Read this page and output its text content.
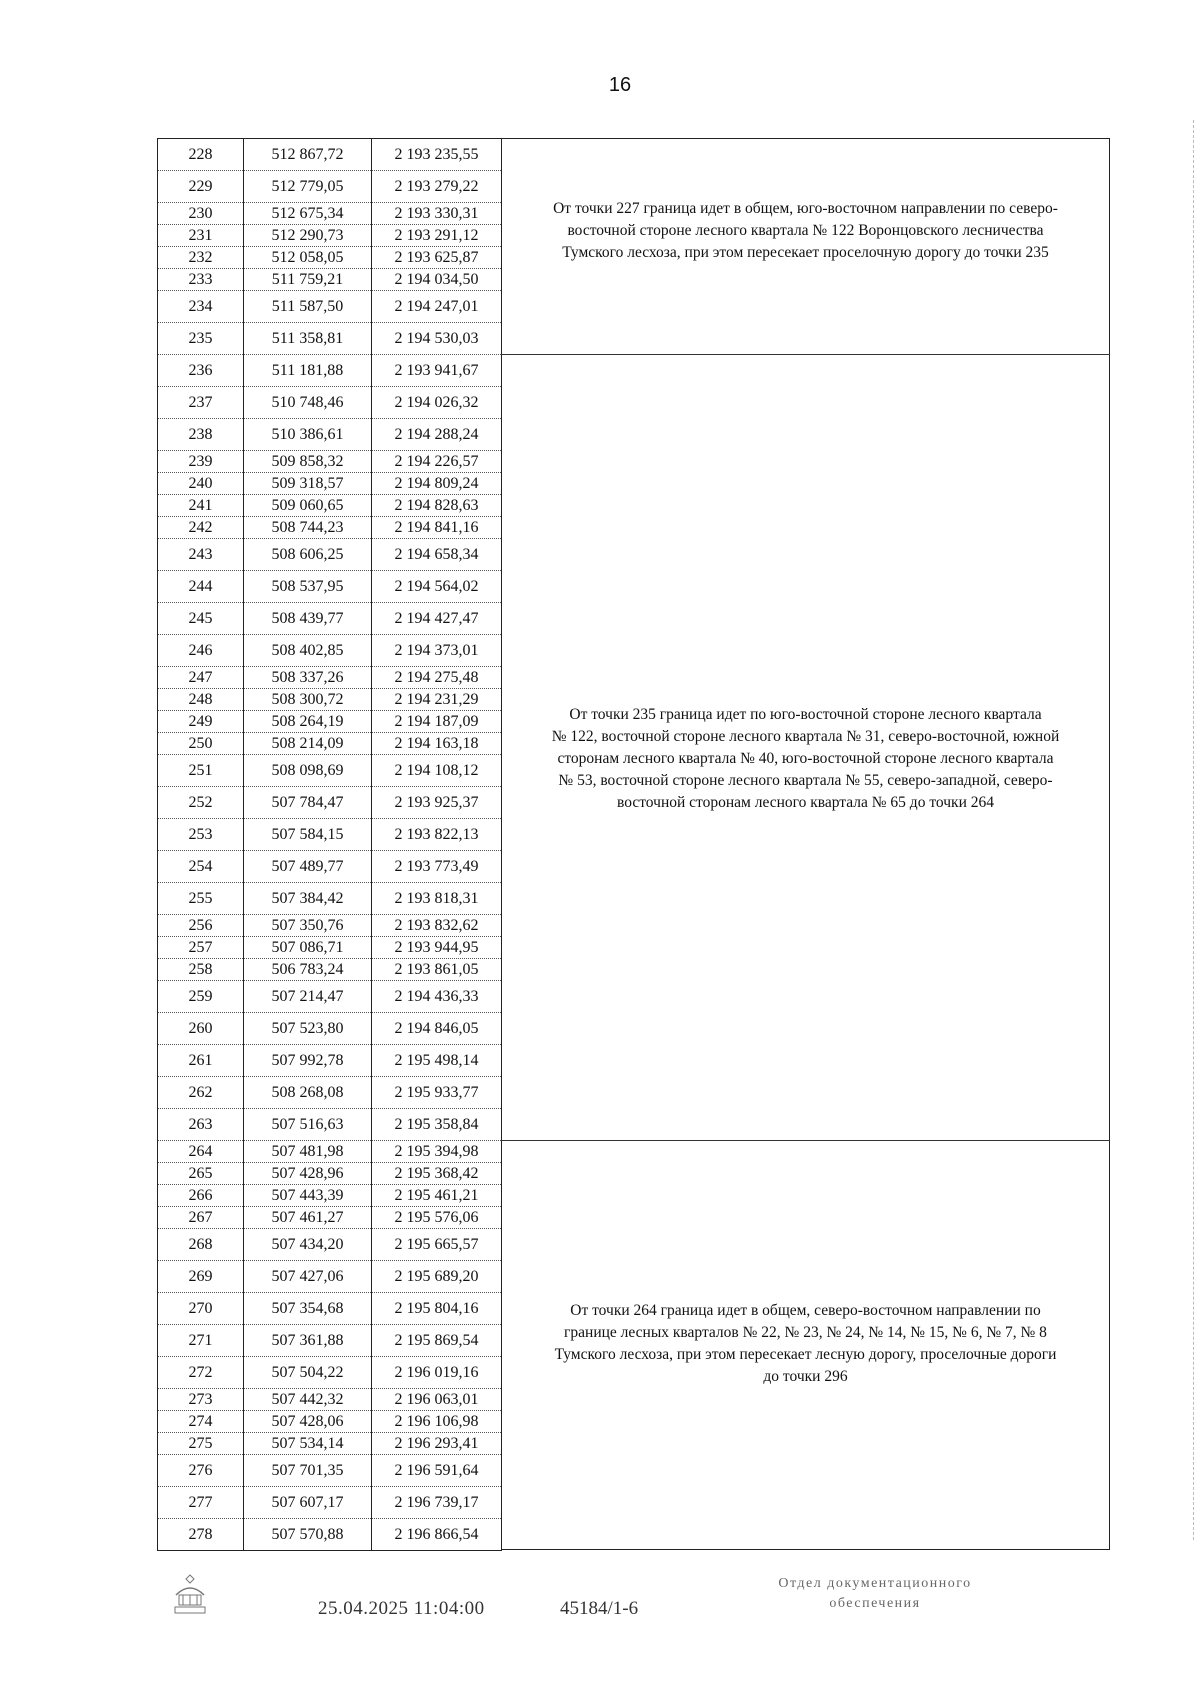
16
228	512 867,72	2 193 235,55
229	512 779,05	2 193 279,22
230	512 675,34	2 193 330,31
231	512 290,73	2 193 291,12
232	512 058,05	2 193 625,87
233	511 759,21	2 194 034,50
234	511 587,50	2 194 247,01
235	511 358,81	2 194 530,03
236	511 181,88	2 193 941,67
237	510 748,46	2 194 026,32
238	510 386,61	2 194 288,24
239	509 858,32	2 194 226,57
240	509 318,57	2 194 809,24
241	509 060,65	2 194 828,63
242	508 744,23	2 194 841,16
243	508 606,25	2 194 658,34
244	508 537,95	2 194 564,02
245	508 439,77	2 194 427,47
246	508 402,85	2 194 373,01
247	508 337,26	2 194 275,48
248	508 300,72	2 194 231,29
249	508 264,19	2 194 187,09
250	508 214,09	2 194 163,18
251	508 098,69	2 194 108,12
252	507 784,47	2 193 925,37
253	507 584,15	2 193 822,13
254	507 489,77	2 193 773,49
255	507 384,42	2 193 818,31
256	507 350,76	2 193 832,62
257	507 086,71	2 193 944,95
258	506 783,24	2 193 861,05
259	507 214,47	2 194 436,33
260	507 523,80	2 194 846,05
261	507 992,78	2 195 498,14
262	508 268,08	2 195 933,77
263	507 516,63	2 195 358,84
264	507 481,98	2 195 394,98
265	507 428,96	2 195 368,42
266	507 443,39	2 195 461,21
267	507 461,27	2 195 576,06
268	507 434,20	2 195 665,57
269	507 427,06	2 195 689,20
270	507 354,68	2 195 804,16
271	507 361,88	2 195 869,54
272	507 504,22	2 196 019,16
273	507 442,32	2 196 063,01
274	507 428,06	2 196 106,98
275	507 534,14	2 196 293,41
276	507 701,35	2 196 591,64
277	507 607,17	2 196 739,17
278	507 570,88	2 196 866,54
От точки 227 граница идет в общем, юго-восточном направлении по северо-
восточной стороне лесного квартала № 122 Воронцовского лесничества
Тумского лесхоза, при этом пересекает проселочную дорогу до точки 235
От точки 235 граница идет по юго-восточной стороне лесного квартала
№ 122, восточной стороне лесного квартала № 31, северо-восточной, южной
сторонам лесного квартала № 40, юго-восточной стороне лесного квартала
№ 53, восточной стороне лесного квартала № 55, северо-западной, северо-
восточной сторонам лесного квартала № 65 до точки 264
От точки 264 граница идет в общем, северо-восточном направлении по
границе лесных кварталов № 22, № 23, № 24, № 14, № 15, № 6, № 7, № 8
Тумского лесхоза, при этом пересекает лесную дорогу, проселочные дороги
до точки 296
25.04.2025 11:04:00	45184/1-6
Отдел документационного
обеспечения
